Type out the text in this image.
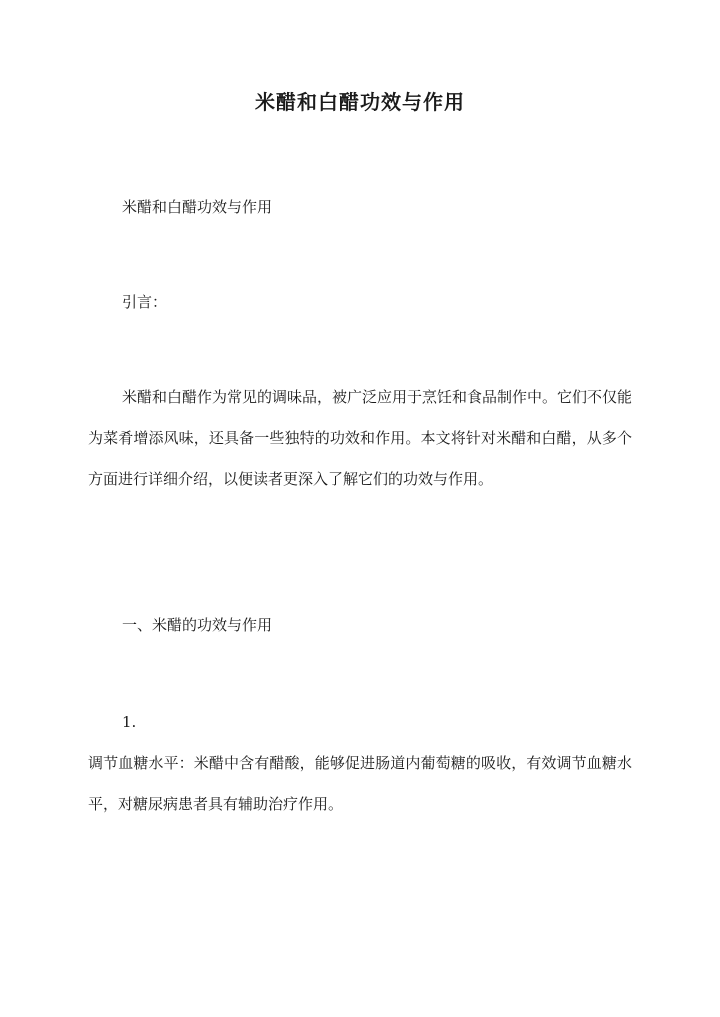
米醋和白醋功效与作用

米醋和白醋功效与作用

引言：

米醋和白醋作为常见的调味品，被广泛应用于烹饪和食品制作中。它们不仅能为菜肴增添风味，还具备一些独特的功效和作用。本文将针对米醋和白醋，从多个方面进行详细介绍，以便读者更深入了解它们的功效与作用。

一、米醋的功效与作用

1.

调节血糖水平：米醋中含有醋酸，能够促进肠道内葡萄糖的吸收，有效调节血糖水平，对糖尿病患者具有辅助治疗作用。
